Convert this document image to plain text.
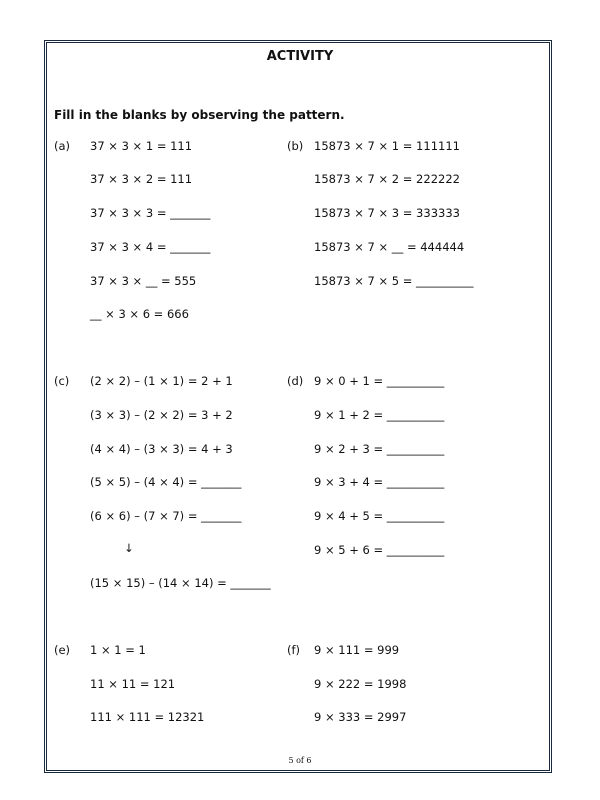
ACTIVITY
Fill in the blanks by observing the pattern.
(a) 37 × 3 × 1 = 111
37 × 3 × 2 = 111
37 × 3 × 3 = _______
37 × 3 × 4 = _______
37 × 3 × __ = 555
__ × 3 × 6 = 666
(b) 15873 × 7 × 1 = 111111
15873 × 7 × 2 = 222222
15873 × 7 × 3 = 333333
15873 × 7 × __ = 444444
15873 × 7 × 5 = __________
(c) (2 × 2) – (1 × 1) = 2 + 1
(3 × 3) – (2 × 2) = 3 + 2
(4 × 4) – (3 × 3) = 4 + 3
(5 × 5) – (4 × 4) = _______
(6 × 6) – (7 × 7) = _______
↓
(15 × 15) – (14 × 14) = _______
(d) 9 × 0 + 1 = __________
9 × 1 + 2 = __________
9 × 2 + 3 = __________
9 × 3 + 4 = __________
9 × 4 + 5 = __________
9 × 5 + 6 = __________
(e) 1 × 1 = 1
11 × 11 = 121
111 × 111 = 12321
(f) 9 × 111 = 999
9 × 222 = 1998
9 × 333 = 2997
5 of 6
